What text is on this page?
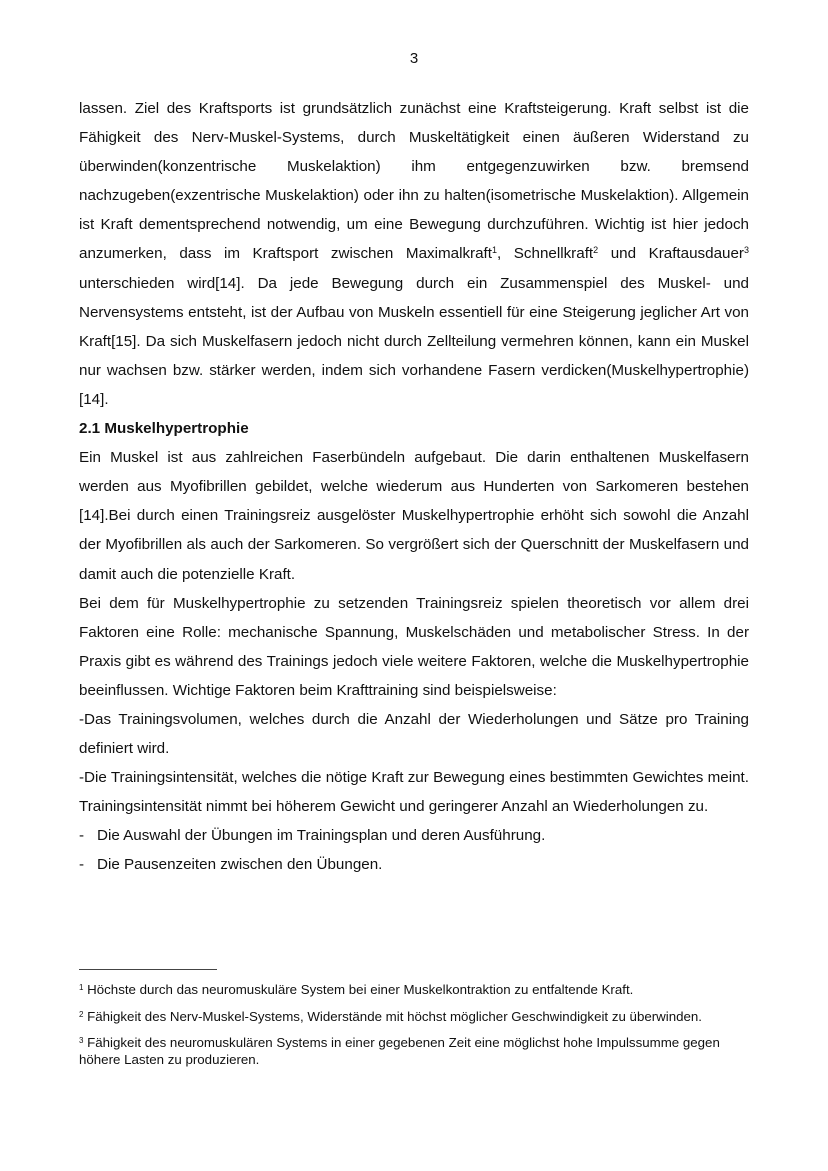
3

lassen. Ziel des Kraftsports ist grundsätzlich zunächst eine Kraftsteigerung. Kraft selbst ist die Fähigkeit des Nerv-Muskel-Systems, durch Muskeltätigkeit einen äußeren Widerstand zu überwinden(konzentrische Muskelaktion) ihm entgegenzuwirken bzw. bremsend nachzugeben(exzentrische Muskelaktion) oder ihn zu halten(isometrische Muskelaktion). Allgemein ist Kraft dementsprechend notwendig, um eine Bewegung durchzuführen. Wichtig ist hier jedoch anzumerken, dass im Kraftsport zwischen Maximalkraft$^1$, Schnellkraft$^2$ und Kraftausdauer$^3$ unterschieden wird[14]. Da jede Bewegung durch ein Zusammenspiel des Muskel- und Nervensystems entsteht, ist der Aufbau von Muskeln essentiell für eine Steigerung jeglicher Art von Kraft[15]. Da sich Muskelfasern jedoch nicht durch Zellteilung vermehren können, kann ein Muskel nur wachsen bzw. stärker werden, indem sich vorhandene Fasern verdicken(Muskelhypertrophie)[14].

2.1 Muskelhypertrophie

Ein Muskel ist aus zahlreichen Faserbündeln aufgebaut. Die darin enthaltenen Muskelfasern werden aus Myofibrillen gebildet, welche wiederum aus Hunderten von Sarkomeren bestehen [14].Bei durch einen Trainingsreiz ausgelöster Muskelhypertrophie erhöht sich sowohl die Anzahl der Myofibrillen als auch der Sarkomeren. So vergrößert sich der Querschnitt der Muskelfasern und damit auch die potenzielle Kraft.

Bei dem für Muskelhypertrophie zu setzenden Trainingsreiz spielen theoretisch vor allem drei Faktoren eine Rolle: mechanische Spannung, Muskelschäden und metabolischer Stress. In der Praxis gibt es während des Trainings jedoch viele weitere Faktoren, welche die Muskelhypertrophie beeinflussen. Wichtige Faktoren beim Krafttraining sind beispielsweise:

-Das Trainingsvolumen, welches durch die Anzahl der Wiederholungen und Sätze pro Training definiert wird.

-Die Trainingsintensität, welches die nötige Kraft zur Bewegung eines bestimmten Gewichtes meint. Trainingsintensität nimmt bei höherem Gewicht und geringerer Anzahl an Wiederholungen zu.

- Die Auswahl der Übungen im Trainingsplan und deren Ausführung.
- Die Pausenzeiten zwischen den Übungen.

$^1$ Höchste durch das neuromuskuläre System bei einer Muskelkontraktion zu entfaltende Kraft.

$^2$ Fähigkeit des Nerv-Muskel-Systems, Widerstände mit höchst möglicher Geschwindigkeit zu überwinden.

$^3$ Fähigkeit des neuromuskulären Systems in einer gegebenen Zeit eine möglichst hohe Impulssumme gegen höhere Lasten zu produzieren.
